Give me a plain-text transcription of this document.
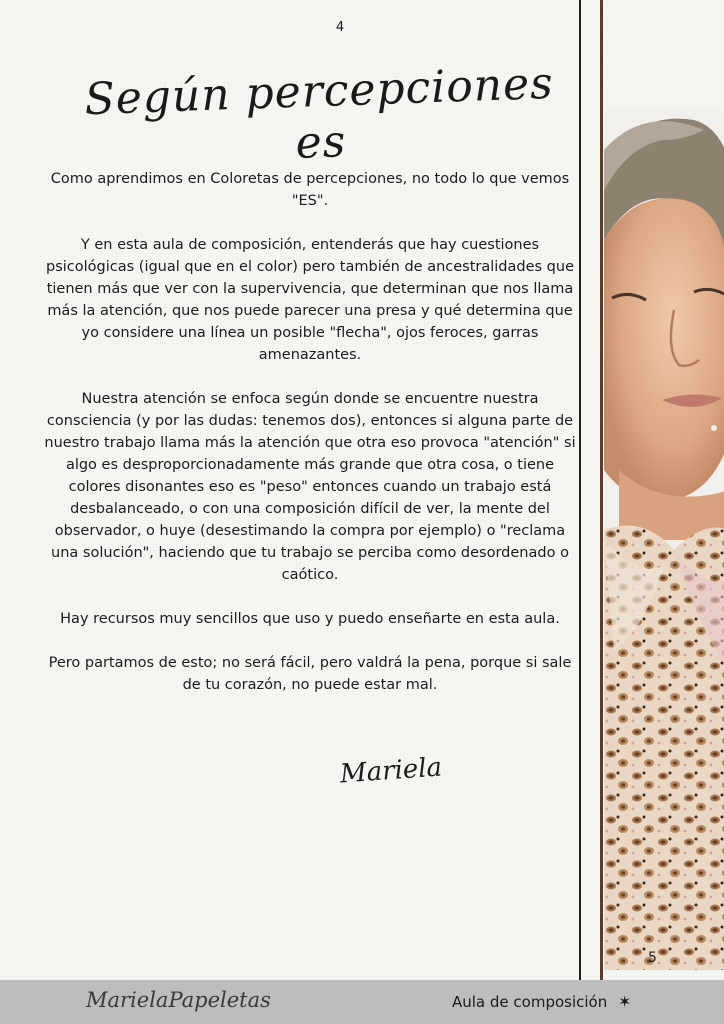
4
Según percepciones es

Como aprendimos en Coloretas de percepciones, no todo lo que vemos "ES".

Y en esta aula de composición, entenderás que hay cuestiones psicológicas (igual que en el color) pero también de ancestralidades que tienen más que ver con la supervivencia, que determinan que nos llama más la atención, que nos puede parecer una presa y qué determina que yo considere una línea un posible "flecha", ojos feroces, garras amenazantes.

Nuestra atención se enfoca según donde se encuentre nuestra consciencia (y por las dudas: tenemos dos), entonces si alguna parte de nuestro trabajo llama más la atención que otra eso provoca "atención" si algo es desproporcionadamente más grande que otra cosa, o tiene colores disonantes eso es "peso" entonces cuando un trabajo está desbalanceado, o con una composición difícil de ver, la mente del observador, o huye (desestimando la compra por ejemplo) o "reclama una solución", haciendo que tu trabajo se perciba como desordenado o caótico.

Hay recursos muy sencillos que uso y puedo enseñarte en esta aula.

Pero partamos de esto; no será fácil, pero valdrá la pena, porque si sale de tu corazón, no puede estar mal.

Mariela
5
MarielaPapeletas	Aula de composición ✶
